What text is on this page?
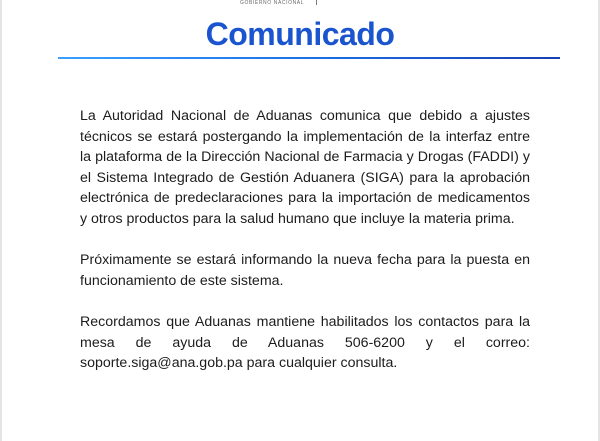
GOBIERNO NACIONAL
Comunicado

La Autoridad Nacional de Aduanas comunica que debido a ajustes técnicos se estará postergando la implementación de la interfaz entre la plataforma de la Dirección Nacional de Farmacia y Drogas (FADDI) y el Sistema Integrado de Gestión Aduanera (SIGA) para la aprobación electrónica de predeclaraciones para la importación de medicamentos y otros productos para la salud humano que incluye la materia prima.

Próximamente se estará informando la nueva fecha para la puesta en funcionamiento de este sistema.

Recordamos que Aduanas mantiene habilitados los contactos para la mesa de ayuda de Aduanas 506-6200 y el correo: soporte.siga@ana.gob.pa para cualquier consulta.
